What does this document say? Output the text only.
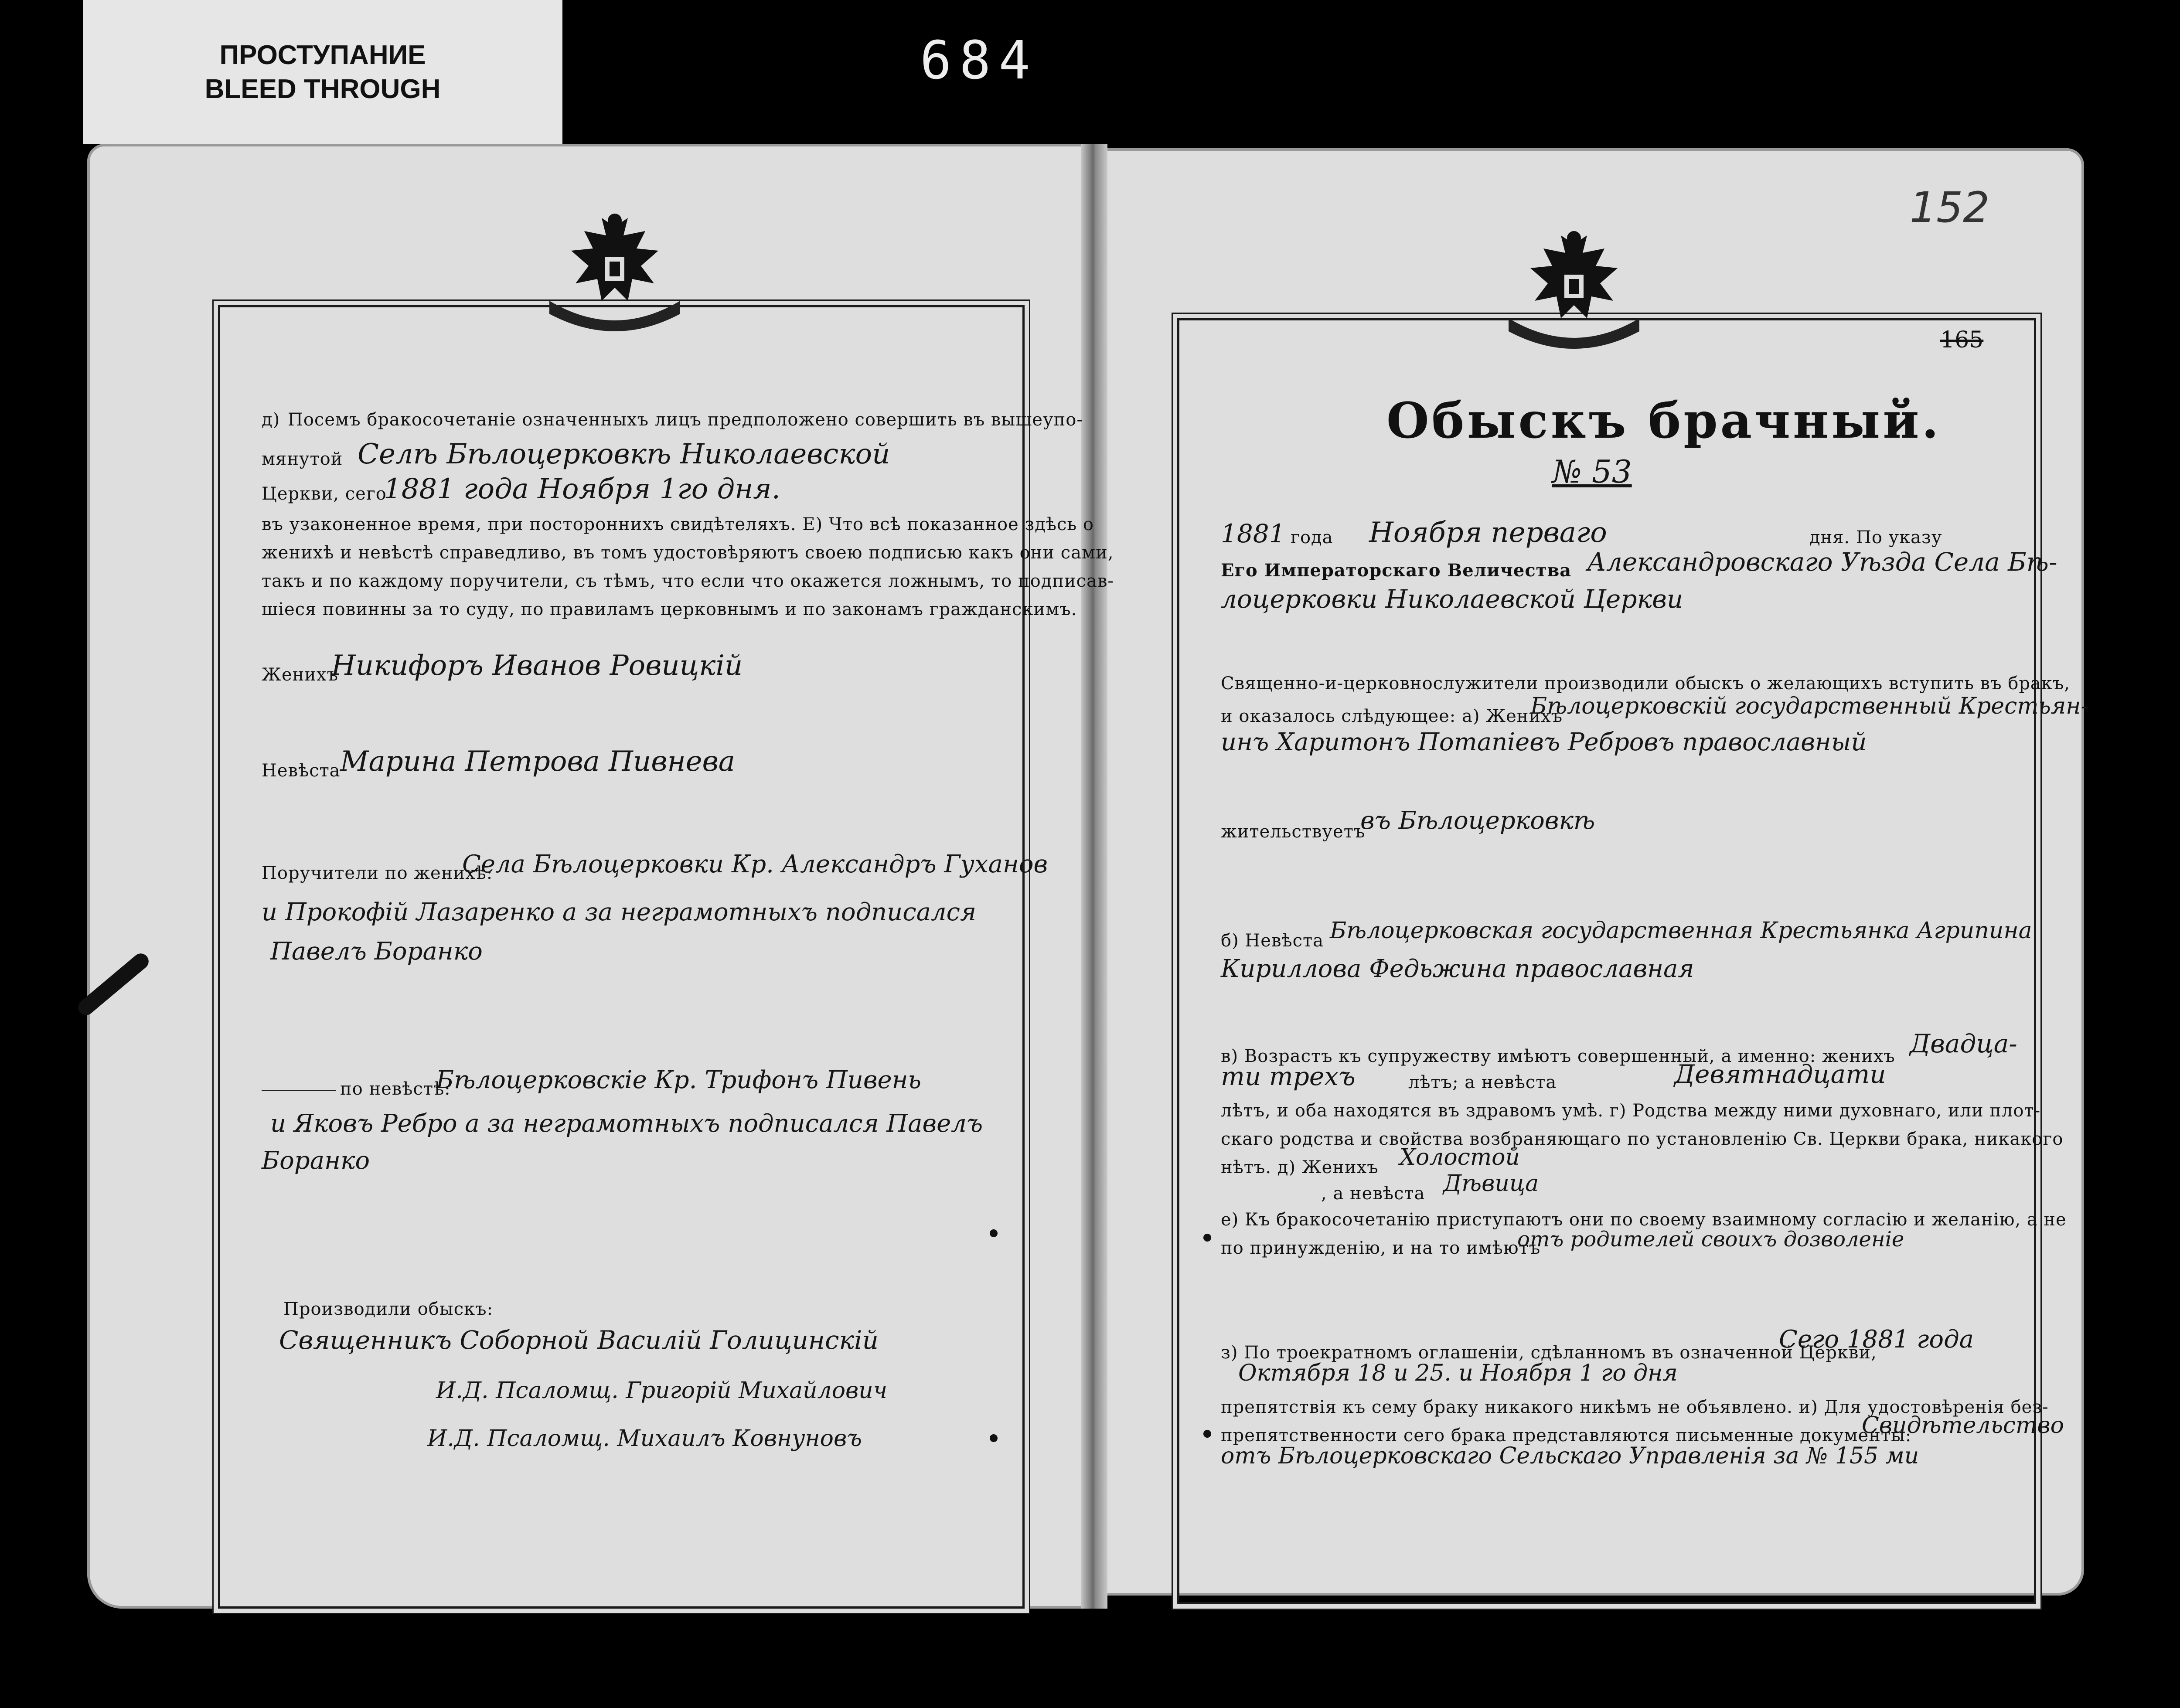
ПРОСТУПАНИЕ
BLEED THROUGH	684
д) Посемъ бракосочетанiе означенныхъ лицъ предположено совершить въ вышеупо-
мянутой Селѣ Бѣлоцерковкѣ Николаевской
Церкви, сего
1881 года Ноября 1го дня.
въ узаконенное время, при постороннихъ свидѣтеляхъ. Е) Что всѣ показанное здѣсь о
женихѣ и невѣстѣ справедливо, въ томъ удостовѣряютъ своею подписью какъ они сами,
такъ и по каждому поручители, съ тѣмъ, что если что окажется ложнымъ, то подписав-
шiеся повинны за то суду, по правиламъ церковнымъ и по законамъ гражданскимъ.
Женихъ
Никифоръ Иванов Ровицкiй
Невѣста Марина Петрова Пивнева
Поручители по женихѣ:
Села Бѣлоцерковки Кр. Александръ Гуханов
и Прокофiй Лазаренко а за неграмотныхъ подписался
Павелъ Боранко
по невѣстѣ:
Бѣлоцерковскiе Кр. Трифонъ Пивень
и Яковъ Ребро а за неграмотныхъ подписался Павелъ
Боранко
Производили обыскъ:
Священникъ Соборной Василiй Голицинскiй
И.Д. Псаломщ. Григорiй Михайлович
И.Д. Псаломщ. Михаилъ Ковнуновъ
152
165
Обыскъ брачный.
№ 53
1881 года Ноября перваго	дня. По указу
Его Императорскаго Величества Александровскаго Уѣзда Села Бѣ-
лоцерковки Николаевской Церкви
Священно-и-церковнослужители производили обыскъ о желающихъ вступить въ бракъ,
и оказалось слѣдующее: а) Женихъ
Бѣлоцерковскiй государственный Крестьян-
инъ Харитонъ Потапiевъ Ребровъ православный
жительствуетъ
въ Бѣлоцерковкѣ
б) Невѣста Бѣлоцерковская государственная Крестьянка Агрипина
Кириллова Федьжина православная
в) Возрастъ къ супружеству имѣютъ совершенный, а именно: женихъ Двадца-
ти трехъ	лѣтъ; а невѣста	Девятнадцати
лѣтъ, и оба находятся въ здравомъ умѣ. г) Родства между ними духовнаго, или плот-
скаго родства и свойства возбраняющаго по установленiю Св. Церкви брака, никакого
нѣтъ. д) Женихъ Холостой
, а невѣста Дѣвица
е) Къ бракосочетанiю приступаютъ они по своему взаимному согласiю и желанiю, а не
по принужденiю, и на то имѣютъ
отъ родителей своихъ дозволенiе
з) По троекратномъ оглашенiи, сдѣланномъ въ означенной Церкви,
Сего 1881 года
Октября 18 и 25. и Ноября 1 го дня
препятствiя къ сему браку никакого никѣмъ не объявлено. и) Для удостовѣренiя без-
препятственности сего брака представляются письменные документы:
Свидѣтельство
отъ Бѣлоцерковскаго Сельскаго Управленiя за № 155 ми
